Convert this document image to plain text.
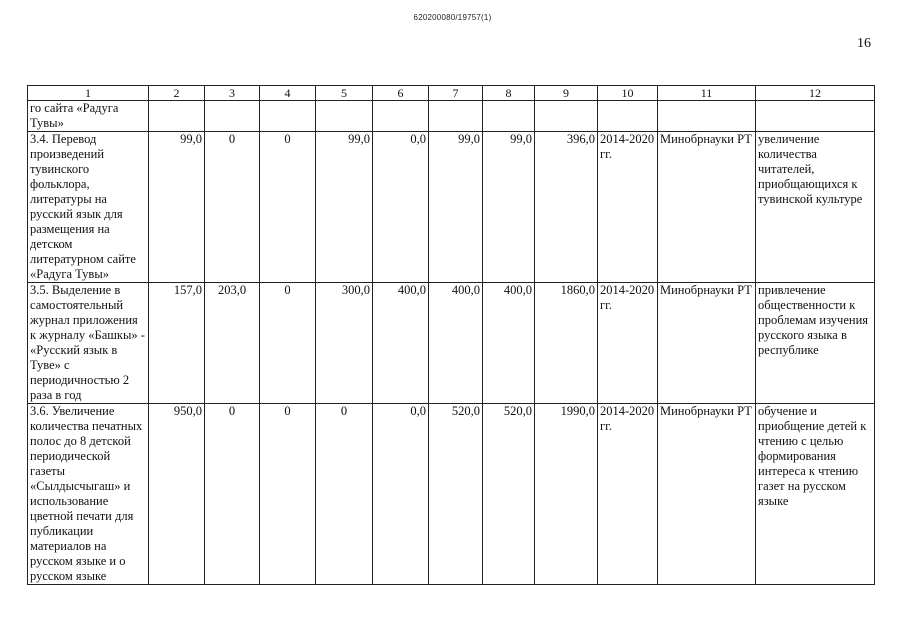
620200080/19757(1)
16
1	2	3	4	5	6	7	8	9	10	11	12
го сайта «Радуга Тувы»											
3.4. Перевод произведений тувинского фольклора, литературы на русский язык для размещения на детском литературном сайте «Радуга Тувы»	99,0	0	0	99,0	0,0	99,0	99,0	396,0	2014-2020 гг.	Минобрнауки РТ	увеличение количества читателей, приобщающихся к тувинской культуре
3.5. Выделение в самостоятельный журнал приложения к журналу «Башкы» - «Русский язык в Туве» с периодичностью 2 раза в год	157,0	203,0	0	300,0	400,0	400,0	400,0	1860,0	2014-2020 гг.	Минобрнауки РТ	привлечение общественности к проблемам изучения русского языка в республике
3.6. Увеличение количества печатных полос до 8 детской периодической газеты «Сылдысчыгаш» и использование цветной печати для публикации материалов на русском языке и о русском языке	950,0	0	0	0	0,0	520,0	520,0	1990,0	2014-2020 гг.	Минобрнауки РТ	обучение и приобщение детей к чтению с целью формирования интереса к чтению газет на русском языке
